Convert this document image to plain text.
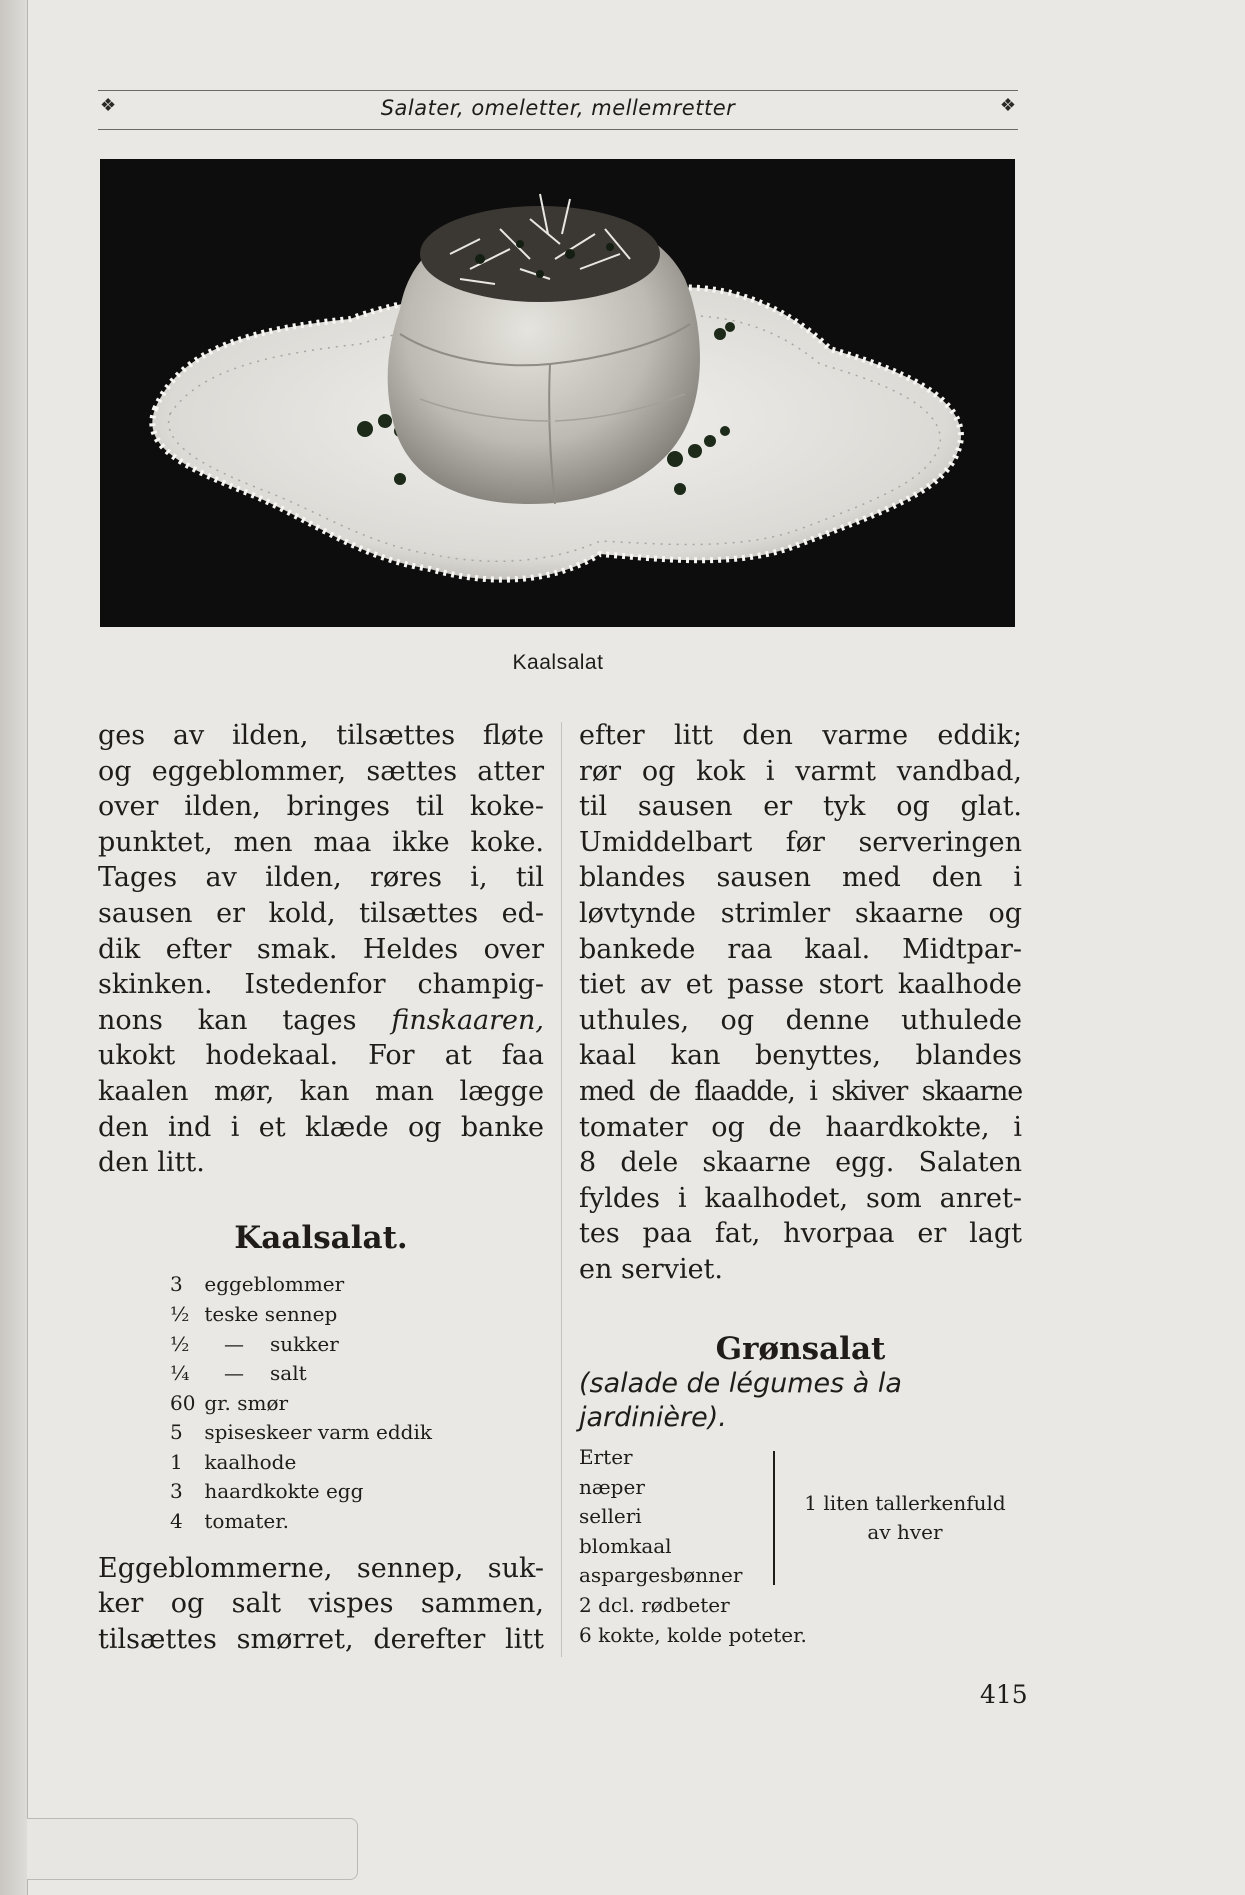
❖	Salater, omeletter, mellemretter	❖
Kaalsalat

ges av ilden, tilsættes fløte
og eggeblommer, sættes atter
over ilden, bringes til koke-
punktet, men maa ikke koke.
Tages av ilden, røres i, til
sausen er kold, tilsættes ed-
dik efter smak. Heldes over
skinken. Istedenfor champig-
nons kan tages finskaaren,
ukokt hodekaal. For at faa
kaalen mør, kan man lægge
den ind i et klæde og banke
den litt.

Kaalsalat.
3 eggeblommer
½ teske sennep
½ — sukker
¼ — salt
60 gr. smør
5 spiseskeer varm eddik
1 kaalhode
3 haardkokte egg
4 tomater.

Eggeblommerne, sennep, suk-
ker og salt vispes sammen,
tilsættes smørret, derefter litt

efter litt den varme eddik;
rør og kok i varmt vandbad,
til sausen er tyk og glat.
Umiddelbart før serveringen
blandes sausen med den i
løvtynde strimler skaarne og
bankede raa kaal. Midtpar-
tiet av et passe stort kaalhode
uthules, og denne uthulede
kaal kan benyttes, blandes
med de flaadde, i skiver skaarne
tomater og de haardkokte, i
8 dele skaarne egg. Salaten
fyldes i kaalhodet, som anret-
tes paa fat, hvorpaa er lagt
en serviet.

Grønsalat

(salade de légumes à la
jardinière).

Erter
næper
selleri
blomkaal
aspargesbønner
1 liten tallerkenfuld
av hver
2 dcl. rødbeter
6 kokte, kolde poteter.
415
